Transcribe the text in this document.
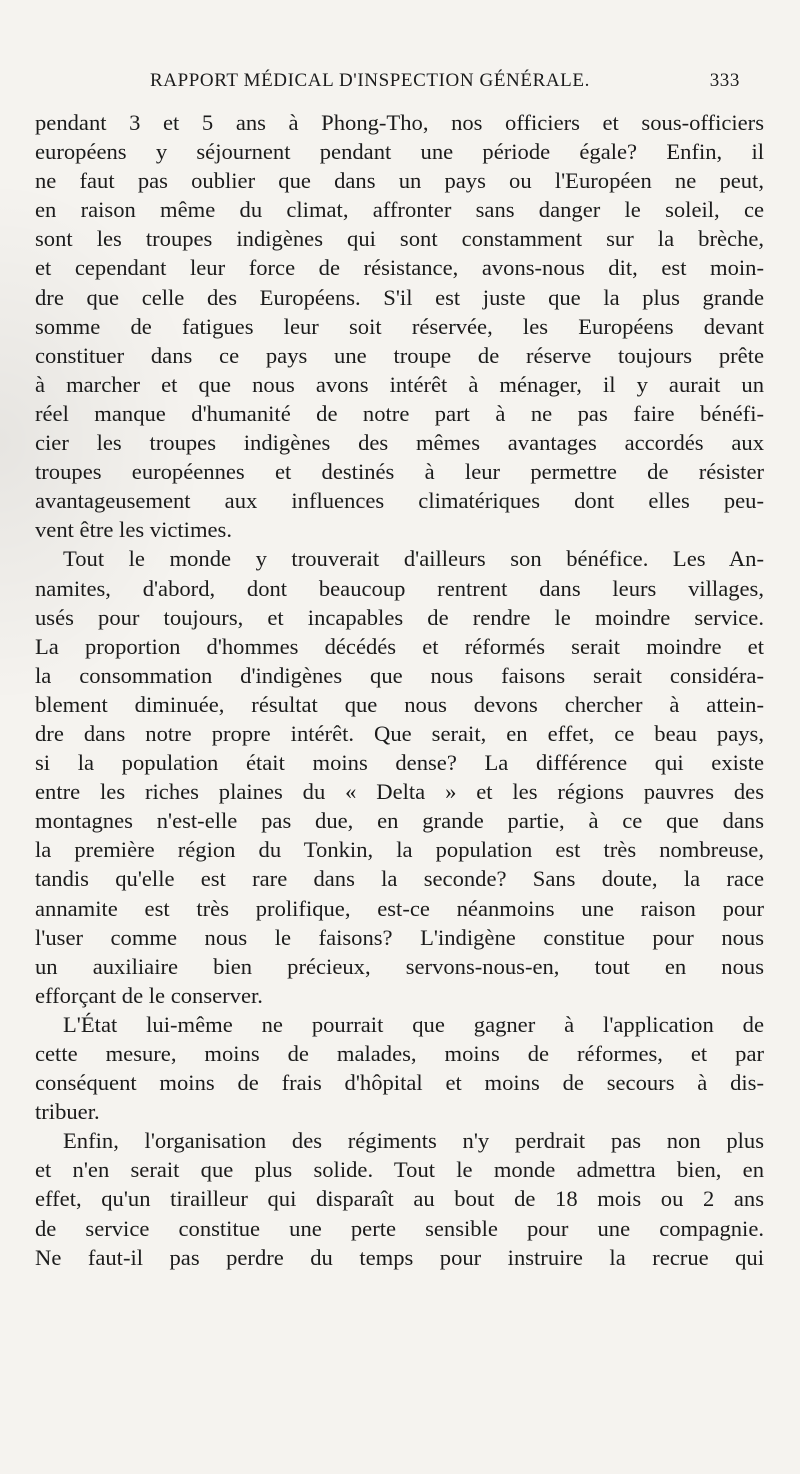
RAPPORT MÉDICAL D'INSPECTION GÉNÉRALE.	333
pendant 3 et 5 ans à Phong-Tho, nos officiers et sous-officiers
européens y séjournent pendant une période égale? Enfin, il
ne faut pas oublier que dans un pays ou l'Européen ne peut,
en raison même du climat, affronter sans danger le soleil, ce
sont les troupes indigènes qui sont constamment sur la brèche,
et cependant leur force de résistance, avons-nous dit, est moin-
dre que celle des Européens. S'il est juste que la plus grande
somme de fatigues leur soit réservée, les Européens devant
constituer dans ce pays une troupe de réserve toujours prête
à marcher et que nous avons intérêt à ménager, il y aurait un
réel manque d'humanité de notre part à ne pas faire bénéfi-
cier les troupes indigènes des mêmes avantages accordés aux
troupes européennes et destinés à leur permettre de résister
avantageusement aux influences climatériques dont elles peu-
vent être les victimes.
Tout le monde y trouverait d'ailleurs son bénéfice. Les An-
namites, d'abord, dont beaucoup rentrent dans leurs villages,
usés pour toujours, et incapables de rendre le moindre service.
La proportion d'hommes décédés et réformés serait moindre et
la consommation d'indigènes que nous faisons serait considéra-
blement diminuée, résultat que nous devons chercher à attein-
dre dans notre propre intérêt. Que serait, en effet, ce beau pays,
si la population était moins dense? La différence qui existe
entre les riches plaines du « Delta » et les régions pauvres des
montagnes n'est-elle pas due, en grande partie, à ce que dans
la première région du Tonkin, la population est très nombreuse,
tandis qu'elle est rare dans la seconde? Sans doute, la race
annamite est très prolifique, est-ce néanmoins une raison pour
l'user comme nous le faisons? L'indigène constitue pour nous
un auxiliaire bien précieux, servons-nous-en, tout en nous
efforçant de le conserver.
L'État lui-même ne pourrait que gagner à l'application de
cette mesure, moins de malades, moins de réformes, et par
conséquent moins de frais d'hôpital et moins de secours à dis-
tribuer.
Enfin, l'organisation des régiments n'y perdrait pas non plus
et n'en serait que plus solide. Tout le monde admettra bien, en
effet, qu'un tirailleur qui disparaît au bout de 18 mois ou 2 ans
de service constitue une perte sensible pour une compagnie.
Ne faut-il pas perdre du temps pour instruire la recrue qui
